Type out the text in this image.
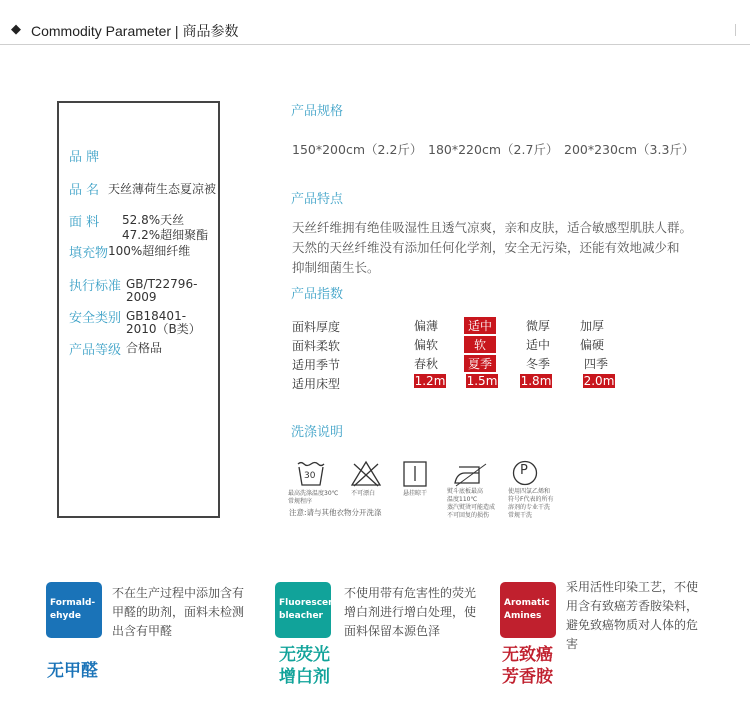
◆ Commodity Parameter | 商品参数
品 牌
品 名 天丝薄荷生态夏凉被
面 料 52.8%天丝
47.2%超细聚酯
填充物 100%超细纤维
执行标准 GB/T22796-
2009
安全类别 GB18401-
2010（B类）
产品等级 合格品
产品规格
150*200cm（2.2斤） 180*220cm（2.7斤） 200*230cm（3.3斤）
产品特点
天丝纤维拥有绝佳吸湿性且透气凉爽，亲和皮肤，适合敏感型肌肤人群。
天然的天丝纤维没有添加任何化学剂，安全无污染，还能有效地减少和
抑制细菌生长。
产品指数
面料厚度	偏薄	适中	微厚	加厚
面料柔软	偏软	软	适中	偏硬
适用季节	春秋	夏季	冬季	四季
适用床型	1.2m 1.5m 1.8m	2.0m
洗涤说明
30	P
最高洗涤温度30℃
常规程序
不可漂白	悬挂晾干	熨斗底板最高
温度110℃
蒸汽熨烫可能造成
不可回复的损伤
使用四氯乙烯和
符号F代表的所有
溶剂的专业干洗
常规干洗
注意:请与其他衣物分开洗涤
Formald-
ehyde
不在生产过程中添加含有
甲醛的助剂，面料未检测
出含有甲醛
无甲醛
Fluorescent
bleacher
不使用带有危害性的荧光
增白剂进行增白处理，使
面料保留本源色泽
无荧光
增白剂
Aromatic
Amines
采用活性印染工艺，不使
用含有致癌芳香胺染料，
避免致癌物质对人体的危
害
无致癌
芳香胺
